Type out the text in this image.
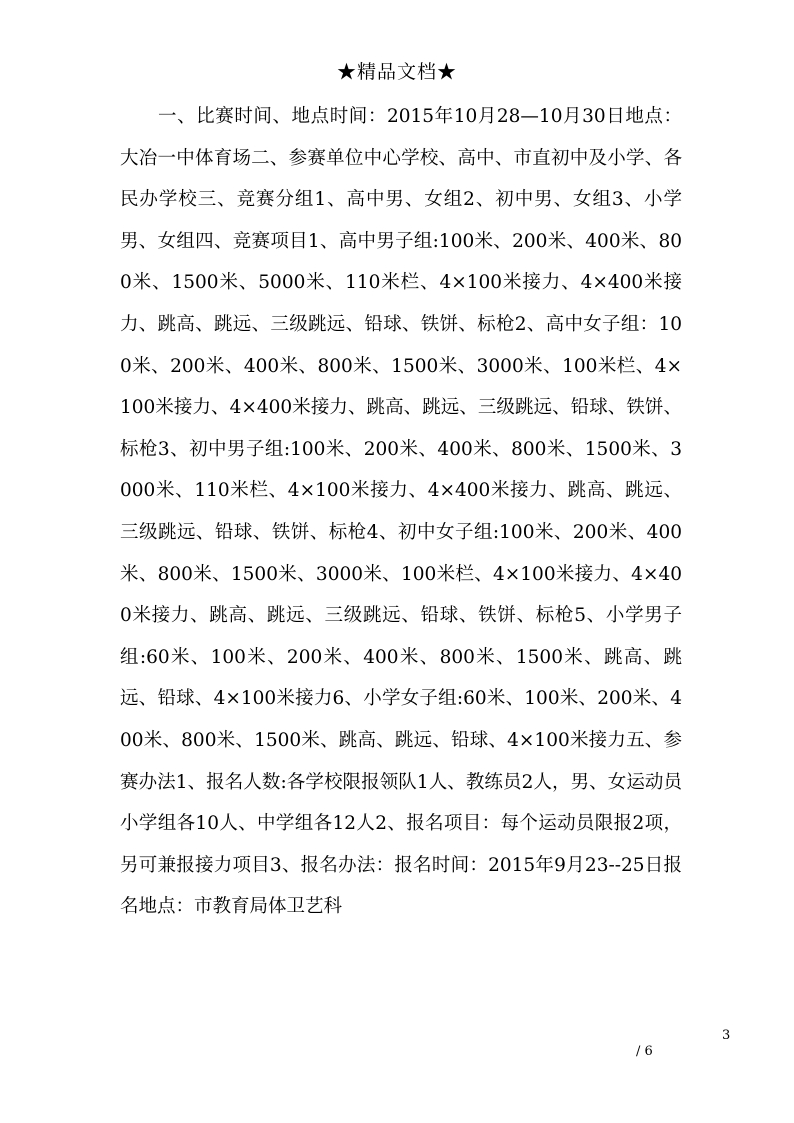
★精品文档★

一、比赛时间、地点时间：2015年10月28—10月30日地点：大冶一中体育场二、参赛单位中心学校、高中、市直初中及小学、各民办学校三、竞赛分组1、高中男、女组2、初中男、女组3、小学男、女组四、竞赛项目1、高中男子组:100米、200米、400米、800米、1500米、5000米、110米栏、4×100米接力、4×400米接力、跳高、跳远、三级跳远、铅球、铁饼、标枪2、高中女子组：100米、200米、400米、800米、1500米、3000米、100米栏、4×100米接力、4×400米接力、跳高、跳远、三级跳远、铅球、铁饼、标枪3、初中男子组:100米、200米、400米、800米、1500米、3000米、110米栏、4×100米接力、4×400米接力、跳高、跳远、三级跳远、铅球、铁饼、标枪4、初中女子组:100米、200米、400米、800米、1500米、3000米、100米栏、4×100米接力、4×400米接力、跳高、跳远、三级跳远、铅球、铁饼、标枪5、小学男子组:60米、100米、200米、400米、800米、1500米、跳高、跳远、铅球、4×100米接力6、小学女子组:60米、100米、200米、400米、800米、1500米、跳高、跳远、铅球、4×100米接力五、参赛办法1、报名人数:各学校限报领队1人、教练员2人，男、女运动员小学组各10人、中学组各12人2、报名项目：每个运动员限报2项，另可兼报接力项目3、报名办法：报名时间：2015年9月23--25日报名地点：市教育局体卫艺科

3
/ 6
